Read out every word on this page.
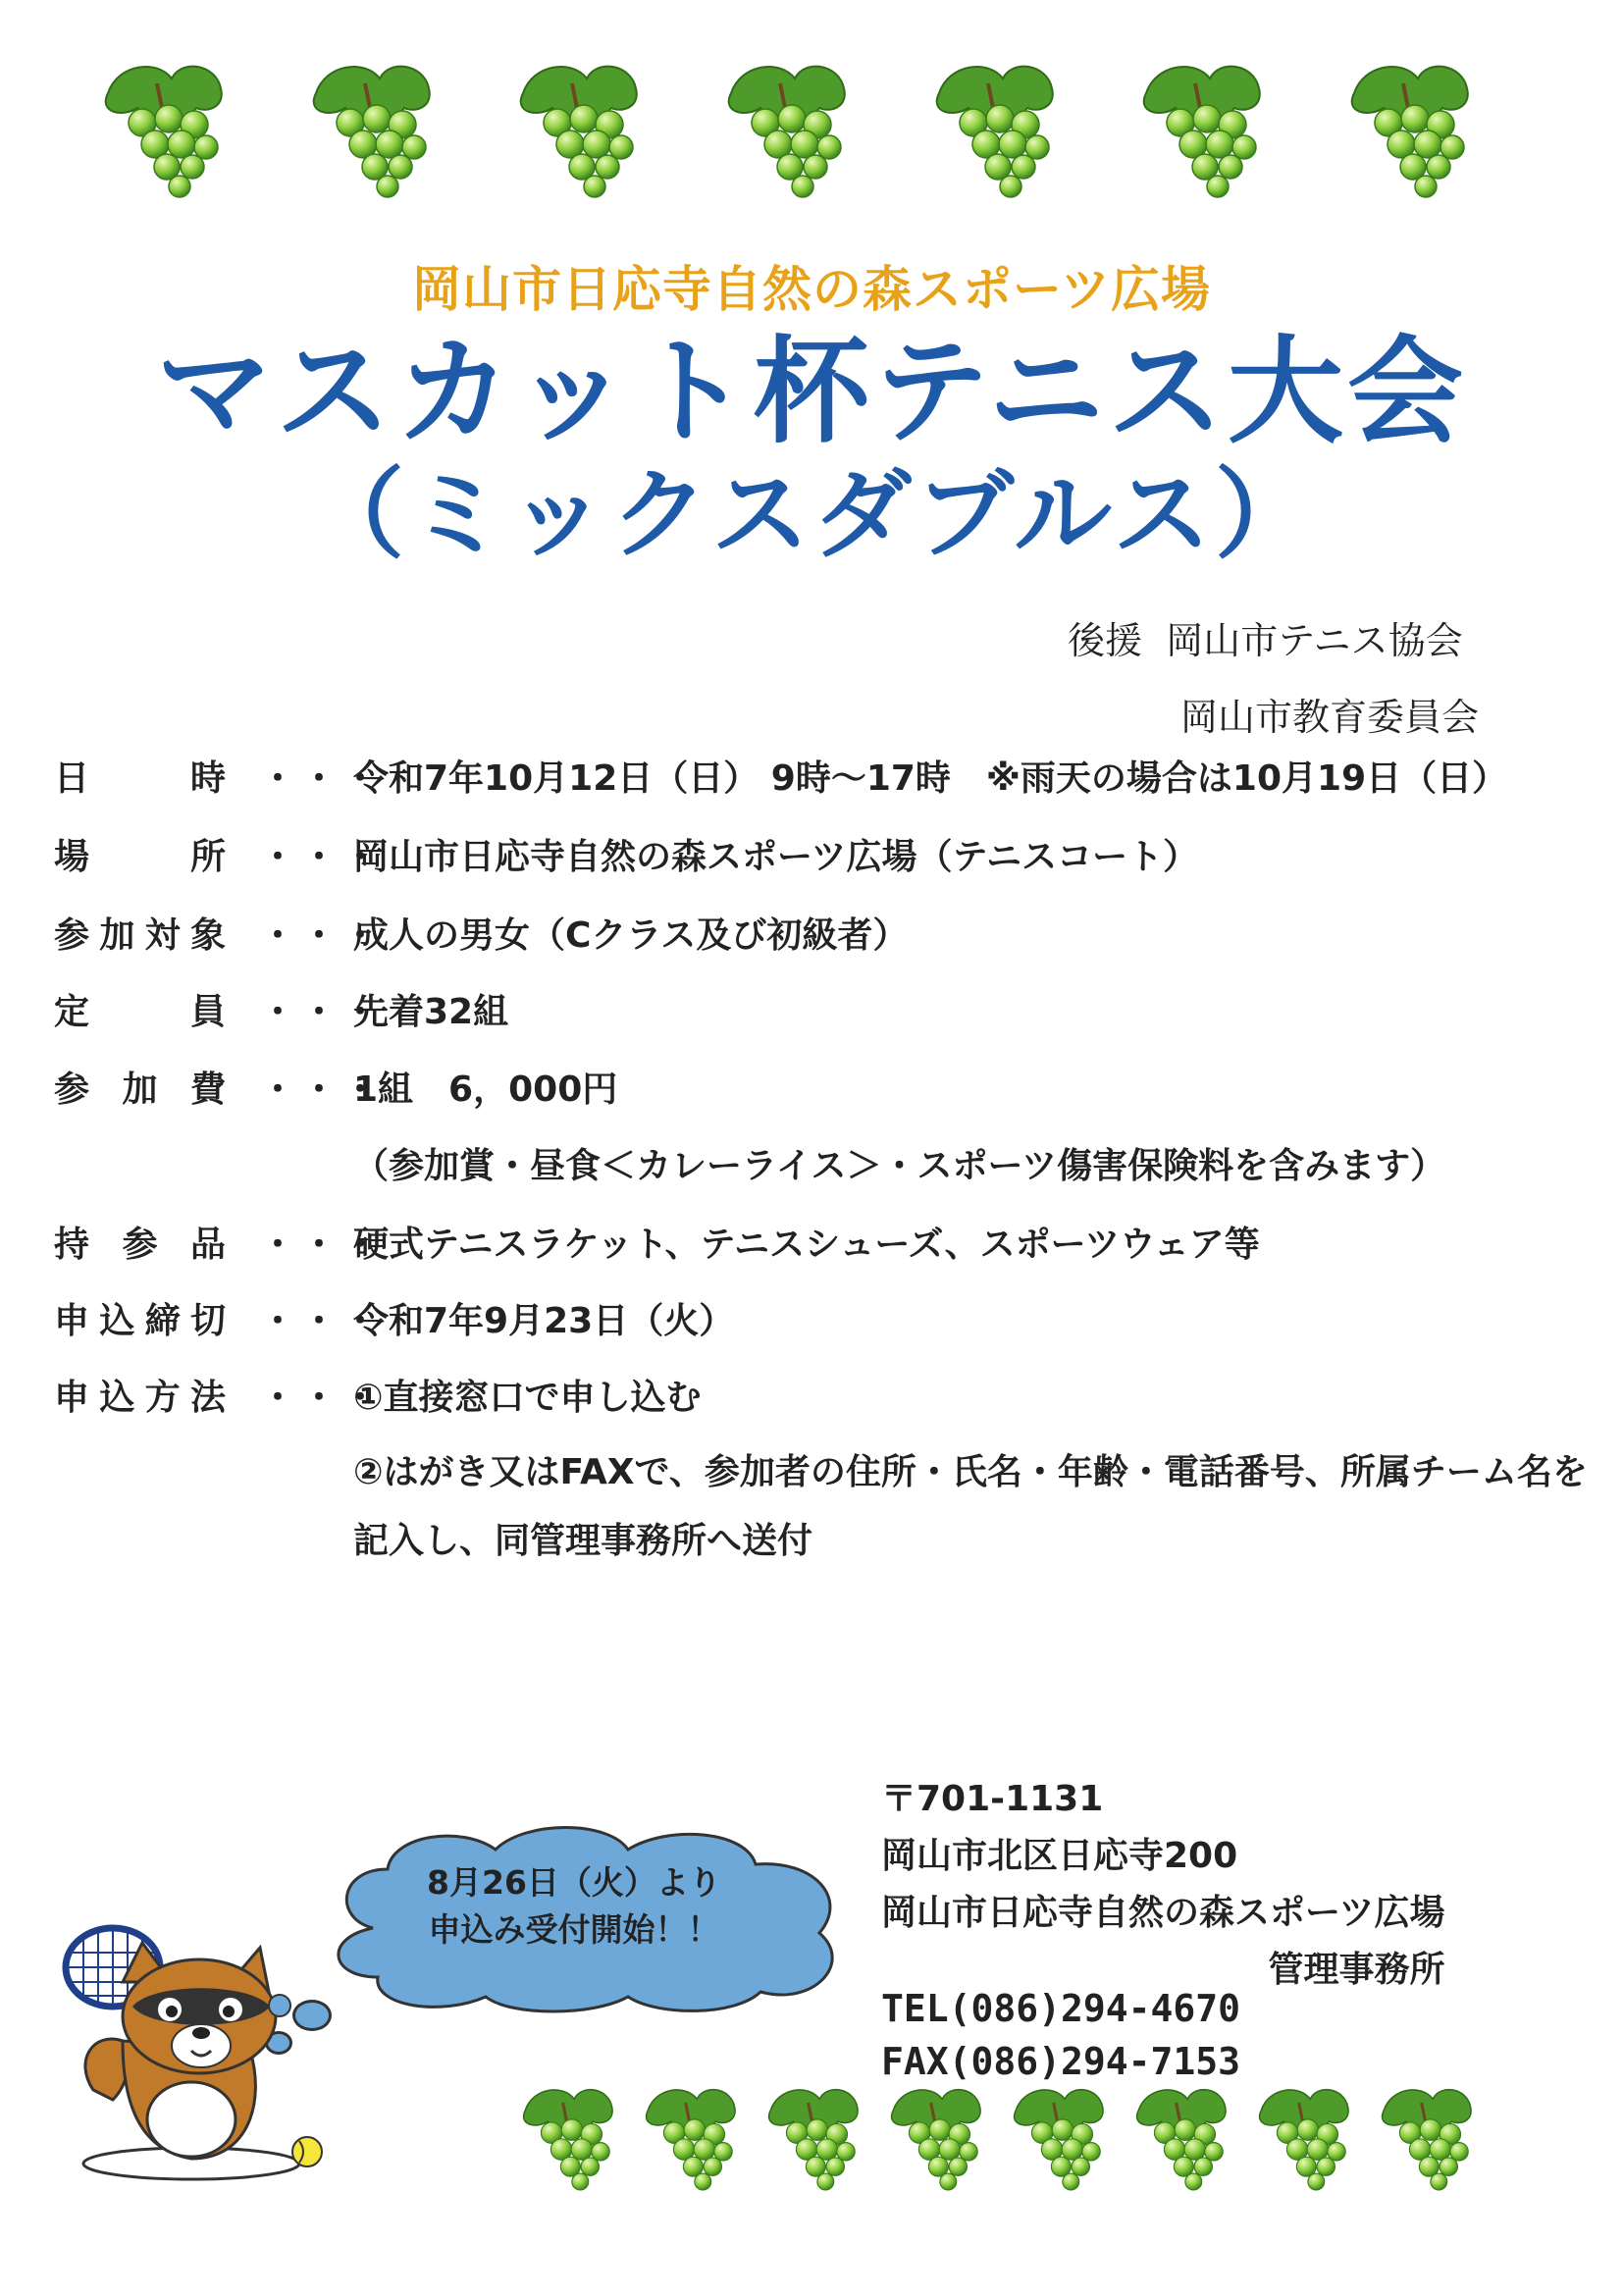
岡山市日応寺自然の森スポーツ広場
マスカット杯テニス大会
（ミックスダブルス）
後援 岡山市テニス協会
岡山市教育委員会
日時 ・・・
令和7年10月12日（日） 9時～17時　※雨天の場合は10月19日（日）
場所 ・・・
岡山市日応寺自然の森スポーツ広場（テニスコート）
参加対象 ・・・
成人の男女（Cクラス及び初級者）
定員 ・・・
先着32組
参加費 ・・・
1組　6，000円
（参加賞・昼食＜カレーライス＞・スポーツ傷害保険料を含みます）
持参品 ・・・
硬式テニスラケット、テニスシューズ、スポーツウェア等
申込締切 ・・・
令和7年9月23日（火）
申込方法 ・・・
①直接窓口で申し込む
②はがき又はFAXで、参加者の住所・氏名・年齢・電話番号、所属チーム名を
記入し、同管理事務所へ送付
8月26日（火）より
申込み受付開始！！
〒701-1131
岡山市北区日応寺200
岡山市日応寺自然の森スポーツ広場
管理事務所
TEL(086)294-4670
FAX(086)294-7153
